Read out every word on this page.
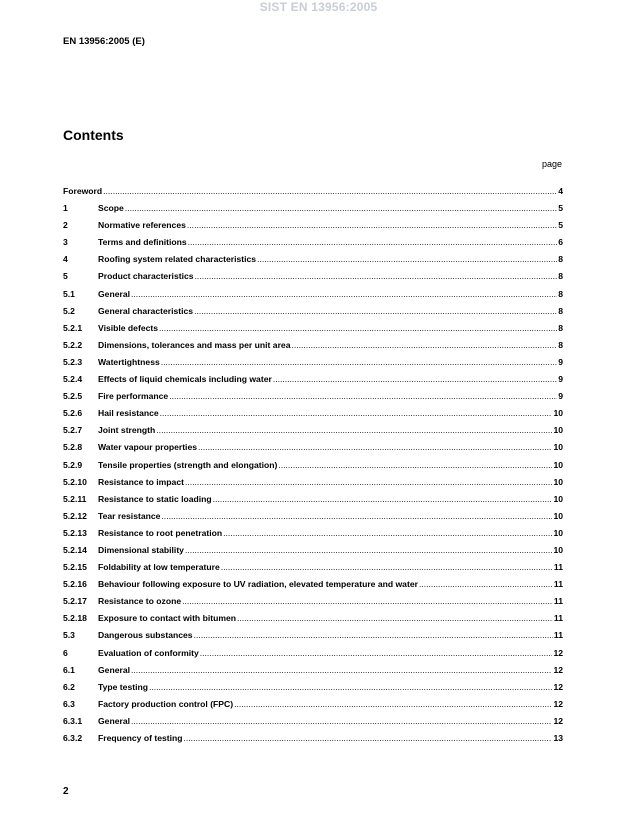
SIST EN 13956:2005
EN 13956:2005 (E)
Contents
page
Foreword .....	4
1	Scope .....	5
2	Normative references .....	5
3	Terms and definitions .....	6
4	Roofing system related characteristics .....	8
5	Product characteristics .....	8
5.1	General .....	8
5.2	General characteristics .....	8
5.2.1	Visible defects .....	8
5.2.2	Dimensions, tolerances and mass per unit area .....	8
5.2.3	Watertightness .....	9
5.2.4	Effects of liquid chemicals including water .....	9
5.2.5	Fire performance .....	9
5.2.6	Hail resistance .....	10
5.2.7	Joint strength .....	10
5.2.8	Water vapour properties .....	10
5.2.9	Tensile properties (strength and elongation) .....	10
5.2.10	Resistance to impact .....	10
5.2.11	Resistance to static loading .....	10
5.2.12	Tear resistance .....	10
5.2.13	Resistance to root penetration .....	10
5.2.14	Dimensional stability .....	10
5.2.15	Foldability at low temperature .....	11
5.2.16	Behaviour following exposure to UV radiation, elevated temperature and water .....	11
5.2.17	Resistance to ozone .....	11
5.2.18	Exposure to contact with bitumen .....	11
5.3	Dangerous substances .....	11
6	Evaluation of conformity .....	12
6.1	General .....	12
6.2	Type testing .....	12
6.3	Factory production control (FPC) .....	12
6.3.1	General .....	12
6.3.2	Frequency of testing .....	13
2
